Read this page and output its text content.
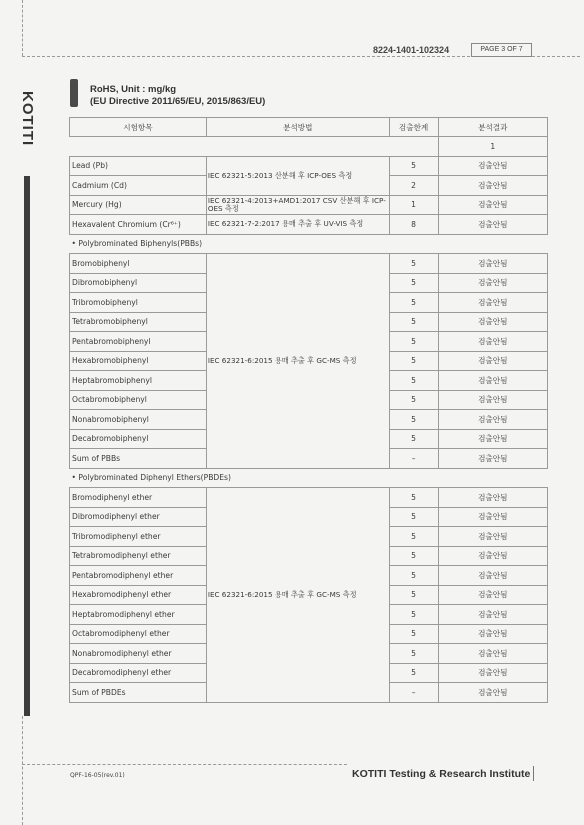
KOTITI
8224-1401-102324	PAGE 3 OF 7
RoHS, Unit : mg/kg
(EU Directive 2011/65/EU, 2015/863/EU)
시험항목	분석방법	검출한계	분석결과
			1
Lead (Pb)	IEC 62321-5:2013 산분해 후 ICP-OES 측정	5	검출안됨
Cadmium (Cd)		2	검출안됨
Mercury (Hg)	IEC 62321-4:2013+AMD1:2017 CSV 산분해 후 ICP-OES 측정	1	검출안됨
Hexavalent Chromium (Cr⁶⁺)	IEC 62321-7-2:2017 용매 추출 후 UV-VIS 측정	8	검출안됨
• Polybrominated Biphenyls(PBBs)			
Bromobiphenyl	IEC 62321-6:2015 용매 추출 후 GC-MS 측정	5	검출안됨
Dibromobiphenyl		5	검출안됨
Tribromobiphenyl		5	검출안됨
Tetrabromobiphenyl		5	검출안됨
Pentabromobiphenyl		5	검출안됨
Hexabromobiphenyl		5	검출안됨
Heptabromobiphenyl		5	검출안됨
Octabromobiphenyl		5	검출안됨
Nonabromobiphenyl		5	검출안됨
Decabromobiphenyl		5	검출안됨
Sum of PBBs		–	검출안됨
• Polybrominated Diphenyl Ethers(PBDEs)			
Bromodiphenyl ether	IEC 62321-6:2015 용매 추출 후 GC-MS 측정	5	검출안됨
Dibromodiphenyl ether		5	검출안됨
Tribromodiphenyl ether		5	검출안됨
Tetrabromodiphenyl ether		5	검출안됨
Pentabromodiphenyl ether		5	검출안됨
Hexabromodiphenyl ether		5	검출안됨
Heptabromodiphenyl ether		5	검출안됨
Octabromodiphenyl ether		5	검출안됨
Nonabromodiphenyl ether		5	검출안됨
Decabromodiphenyl ether		5	검출안됨
Sum of PBDEs		–	검출안됨
QPF-16-05(rev.01)	KOTITI Testing & Research Institute
